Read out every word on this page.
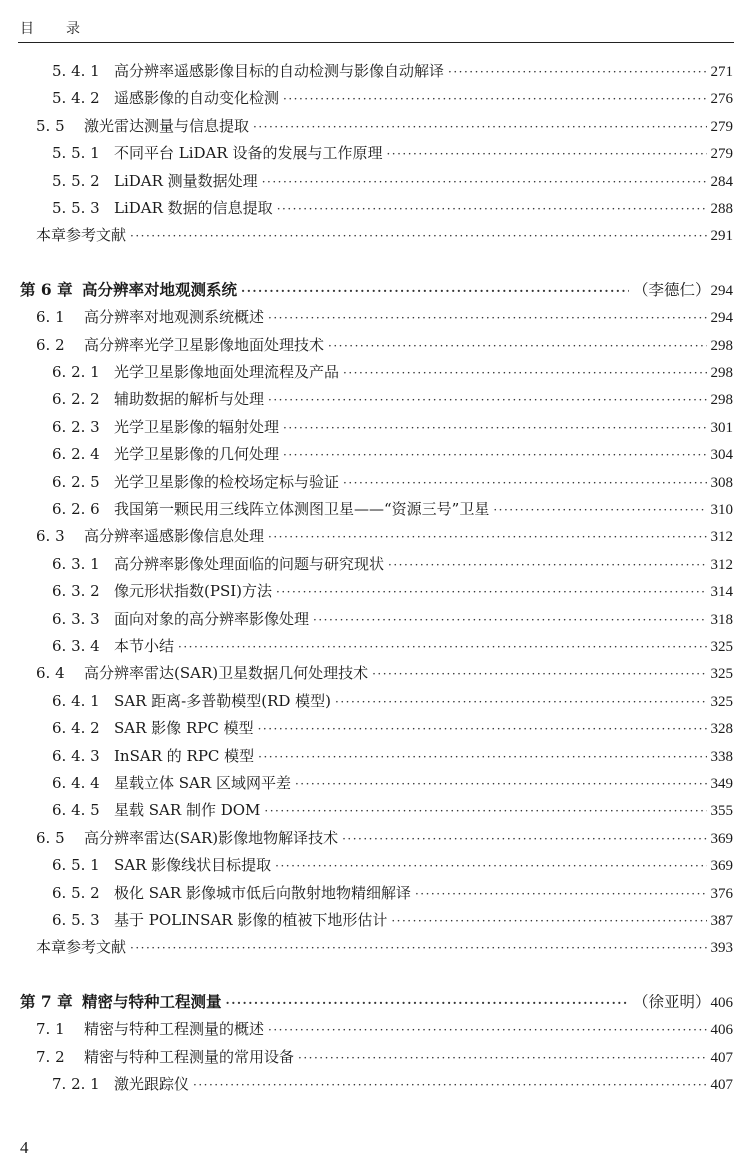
目 录
5. 4. 1 高分辨率遥感影像目标的自动检测与影像自动解译 ·····	271
5. 4. 2 遥感影像的自动变化检测 ·····	276
5. 5	激光雷达测量与信息提取 ·····	279
5. 5. 1 不同平台 LiDAR 设备的发展与工作原理 ·····	279
5. 5. 2 LiDAR 测量数据处理 ·····	284
5. 5. 3 LiDAR 数据的信息提取 ·····	288
本章参考文献 ·····	291
第 6 章 高分辨率对地观测系统 ·····	（李德仁） 294
6. 1	高分辨率对地观测系统概述 ·····	294
6. 2	高分辨率光学卫星影像地面处理技术 ·····	298
6. 2. 1 光学卫星影像地面处理流程及产品 ·····	298
6. 2. 2 辅助数据的解析与处理 ·····	298
6. 2. 3 光学卫星影像的辐射处理 ·····	301
6. 2. 4 光学卫星影像的几何处理 ·····	304
6. 2. 5 光学卫星影像的检校场定标与验证 ·····	308
6. 2. 6 我国第一颗民用三线阵立体测图卫星——“资源三号”卫星 ·····	310
6. 3	高分辨率遥感影像信息处理 ·····	312
6. 3. 1 高分辨率影像处理面临的问题与研究现状 ·····	312
6. 3. 2 像元形状指数(PSI)方法 ·····	314
6. 3. 3 面向对象的高分辨率影像处理 ·····	318
6. 3. 4 本节小结 ·····	325
6. 4	高分辨率雷达(SAR)卫星数据几何处理技术 ·····	325
6. 4. 1 SAR 距离-多普勒模型(RD 模型) ·····	325
6. 4. 2 SAR 影像 RPC 模型 ·····	328
6. 4. 3 InSAR 的 RPC 模型 ·····	338
6. 4. 4 星载立体 SAR 区域网平差 ·····	349
6. 4. 5 星载 SAR 制作 DOM ·····	355
6. 5	高分辨率雷达(SAR)影像地物解译技术 ·····	369
6. 5. 1 SAR 影像线状目标提取 ·····	369
6. 5. 2 极化 SAR 影像城市低后向散射地物精细解译 ·····	376
6. 5. 3 基于 POLINSAR 影像的植被下地形估计 ·····	387
本章参考文献 ·····	393
第 7 章 精密与特种工程测量 ·····	（徐亚明） 406
7. 1	精密与特种工程测量的概述 ·····	406
7. 2	精密与特种工程测量的常用设备 ·····	407
7. 2. 1 激光跟踪仪 ·····	407
4
